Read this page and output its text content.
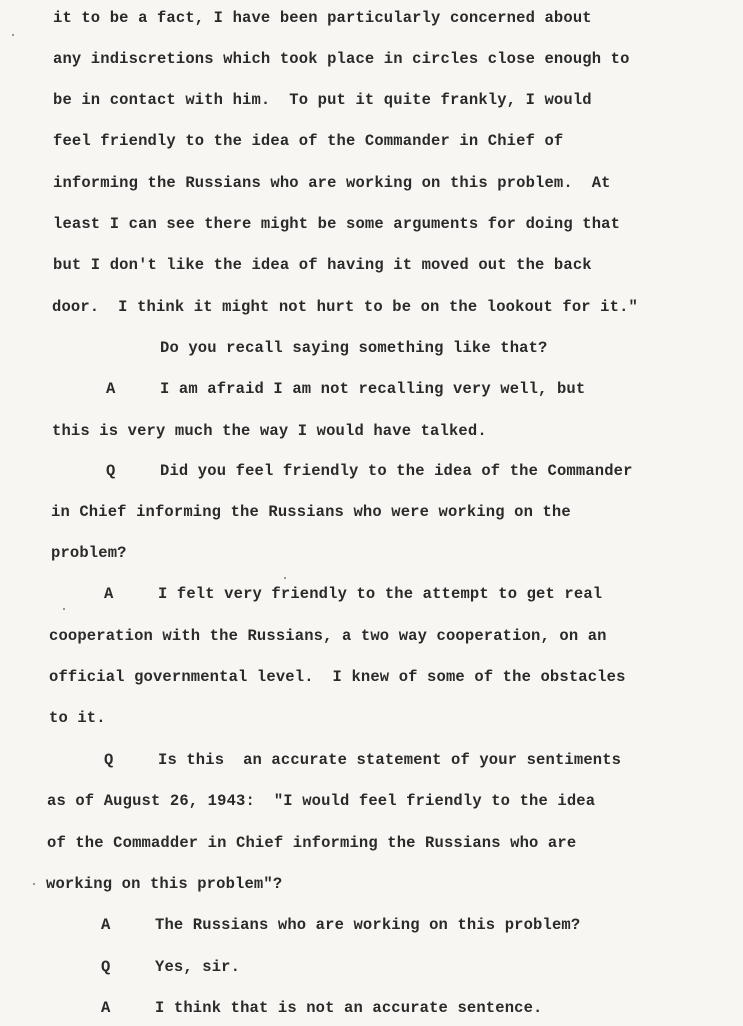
it to be a fact, I have been particularly concerned about
any indiscretions which took place in circles close enough to
be in contact with him.  To put it quite frankly, I would
feel friendly to the idea of the Commander in Chief of
informing the Russians who are working on this problem.  At
least I can see there might be some arguments for doing that
but I don't like the idea of having it moved out the back
door.  I think it might not hurt to be on the lookout for it."
Do you recall saying something like that?
A	I am afraid I am not recalling very well, but
this is very much the way I would have talked.
Q	Did you feel friendly to the idea of the Commander
in Chief informing the Russians who were working on the
problem?
A	I felt very friendly to the attempt to get real
cooperation with the Russians, a two way cooperation, on an
official governmental level.  I knew of some of the obstacles
to it.
Q	Is this  an accurate statement of your sentiments
as of August 26, 1943:  "I would feel friendly to the idea
of the Commadder in Chief informing the Russians who are
working on this problem"?
A	The Russians who are working on this problem?
Q	Yes, sir.
A	I think that is not an accurate sentence.
